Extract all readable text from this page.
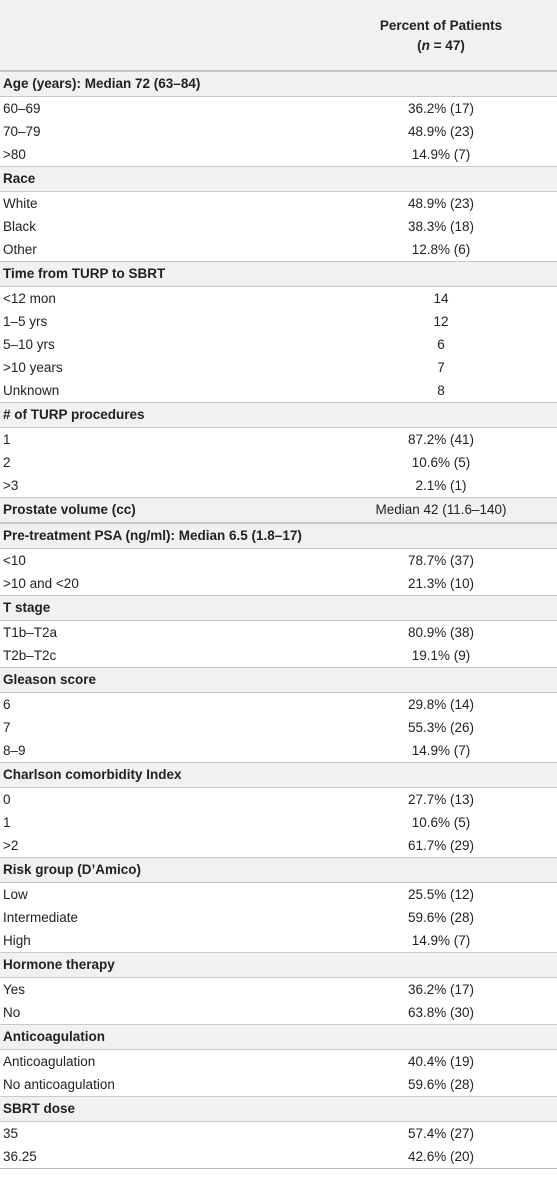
Percent of Patients
(n = 47)
Age (years): Median 72 (63–84)
60–69	36.2% (17)
70–79	48.9% (23)
>80	14.9% (7)
Race
White	48.9% (23)
Black	38.3% (18)
Other	12.8% (6)
Time from TURP to SBRT
<12 mon	14
1–5 yrs	12
5–10 yrs	6
>10 years	7
Unknown	8
# of TURP procedures
1	87.2% (41)
2	10.6% (5)
>3	2.1% (1)
Prostate volume (cc)	Median 42 (11.6–140)
Pre-treatment PSA (ng/ml): Median 6.5 (1.8–17)
<10	78.7% (37)
>10 and <20	21.3% (10)
T stage
T1b–T2a	80.9% (38)
T2b–T2c	19.1% (9)
Gleason score
6	29.8% (14)
7	55.3% (26)
8–9	14.9% (7)
Charlson comorbidity Index
0	27.7% (13)
1	10.6% (5)
>2	61.7% (29)
Risk group (D’Amico)
Low	25.5% (12)
Intermediate	59.6% (28)
High	14.9% (7)
Hormone therapy
Yes	36.2% (17)
No	63.8% (30)
Anticoagulation
Anticoagulation	40.4% (19)
No anticoagulation	59.6% (28)
SBRT dose
35	57.4% (27)
36.25	42.6% (20)
